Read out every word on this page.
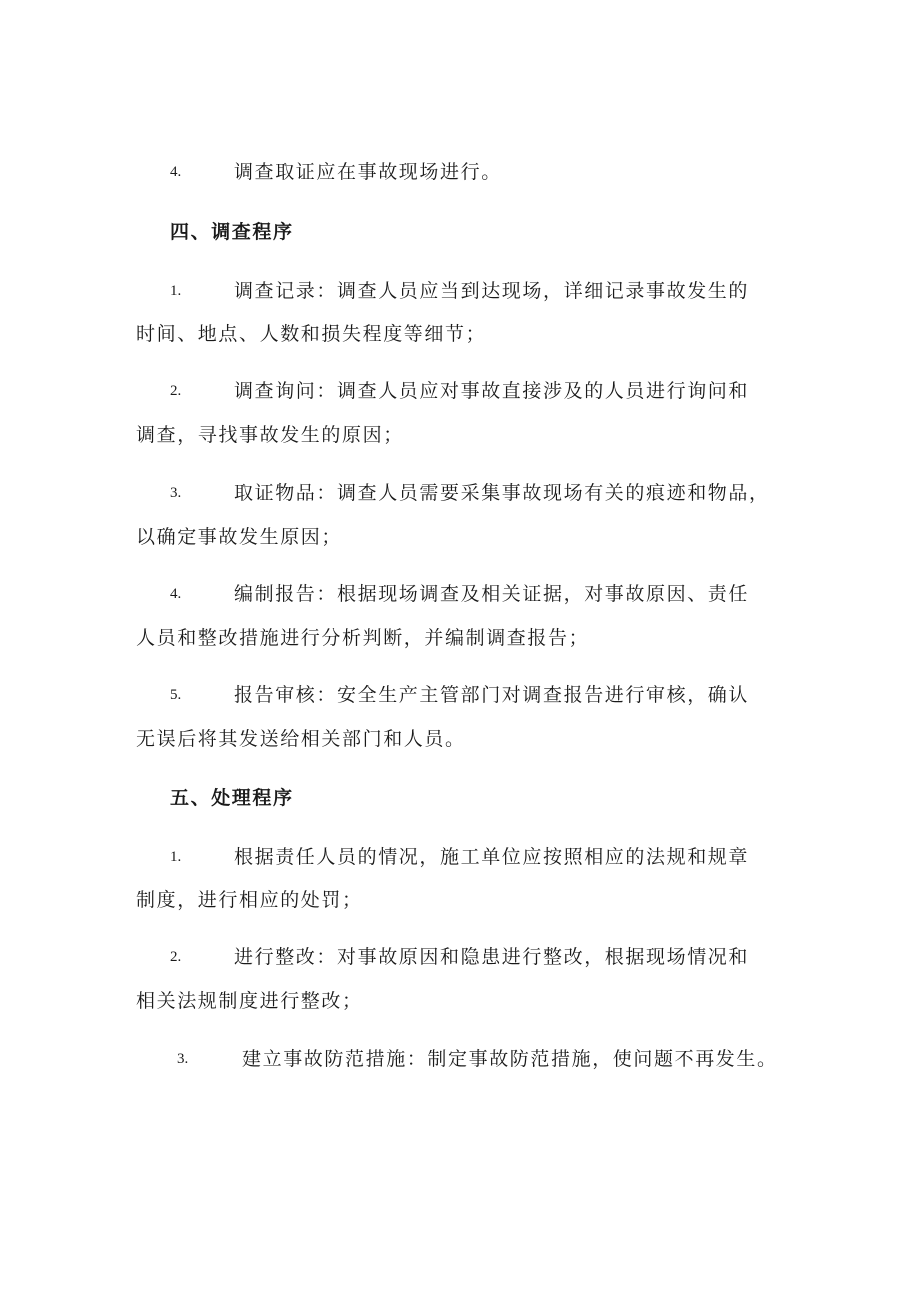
4.	调查取证应在事故现场进行。
四、调查程序
1.	调查记录：调查人员应当到达现场，详细记录事故发生的
时间、地点、人数和损失程度等细节；
2.	调查询问：调查人员应对事故直接涉及的人员进行询问和
调查，寻找事故发生的原因；
3.	取证物品：调查人员需要采集事故现场有关的痕迹和物品，
以确定事故发生原因；
4.	编制报告：根据现场调查及相关证据，对事故原因、责任
人员和整改措施进行分析判断，并编制调查报告；
5.	报告审核：安全生产主管部门对调查报告进行审核，确认
无误后将其发送给相关部门和人员。
五、处理程序
1.	根据责任人员的情况，施工单位应按照相应的法规和规章
制度，进行相应的处罚；
2.	进行整改：对事故原因和隐患进行整改，根据现场情况和
相关法规制度进行整改；
3.	建立事故防范措施：制定事故防范措施，使问题不再发生。
